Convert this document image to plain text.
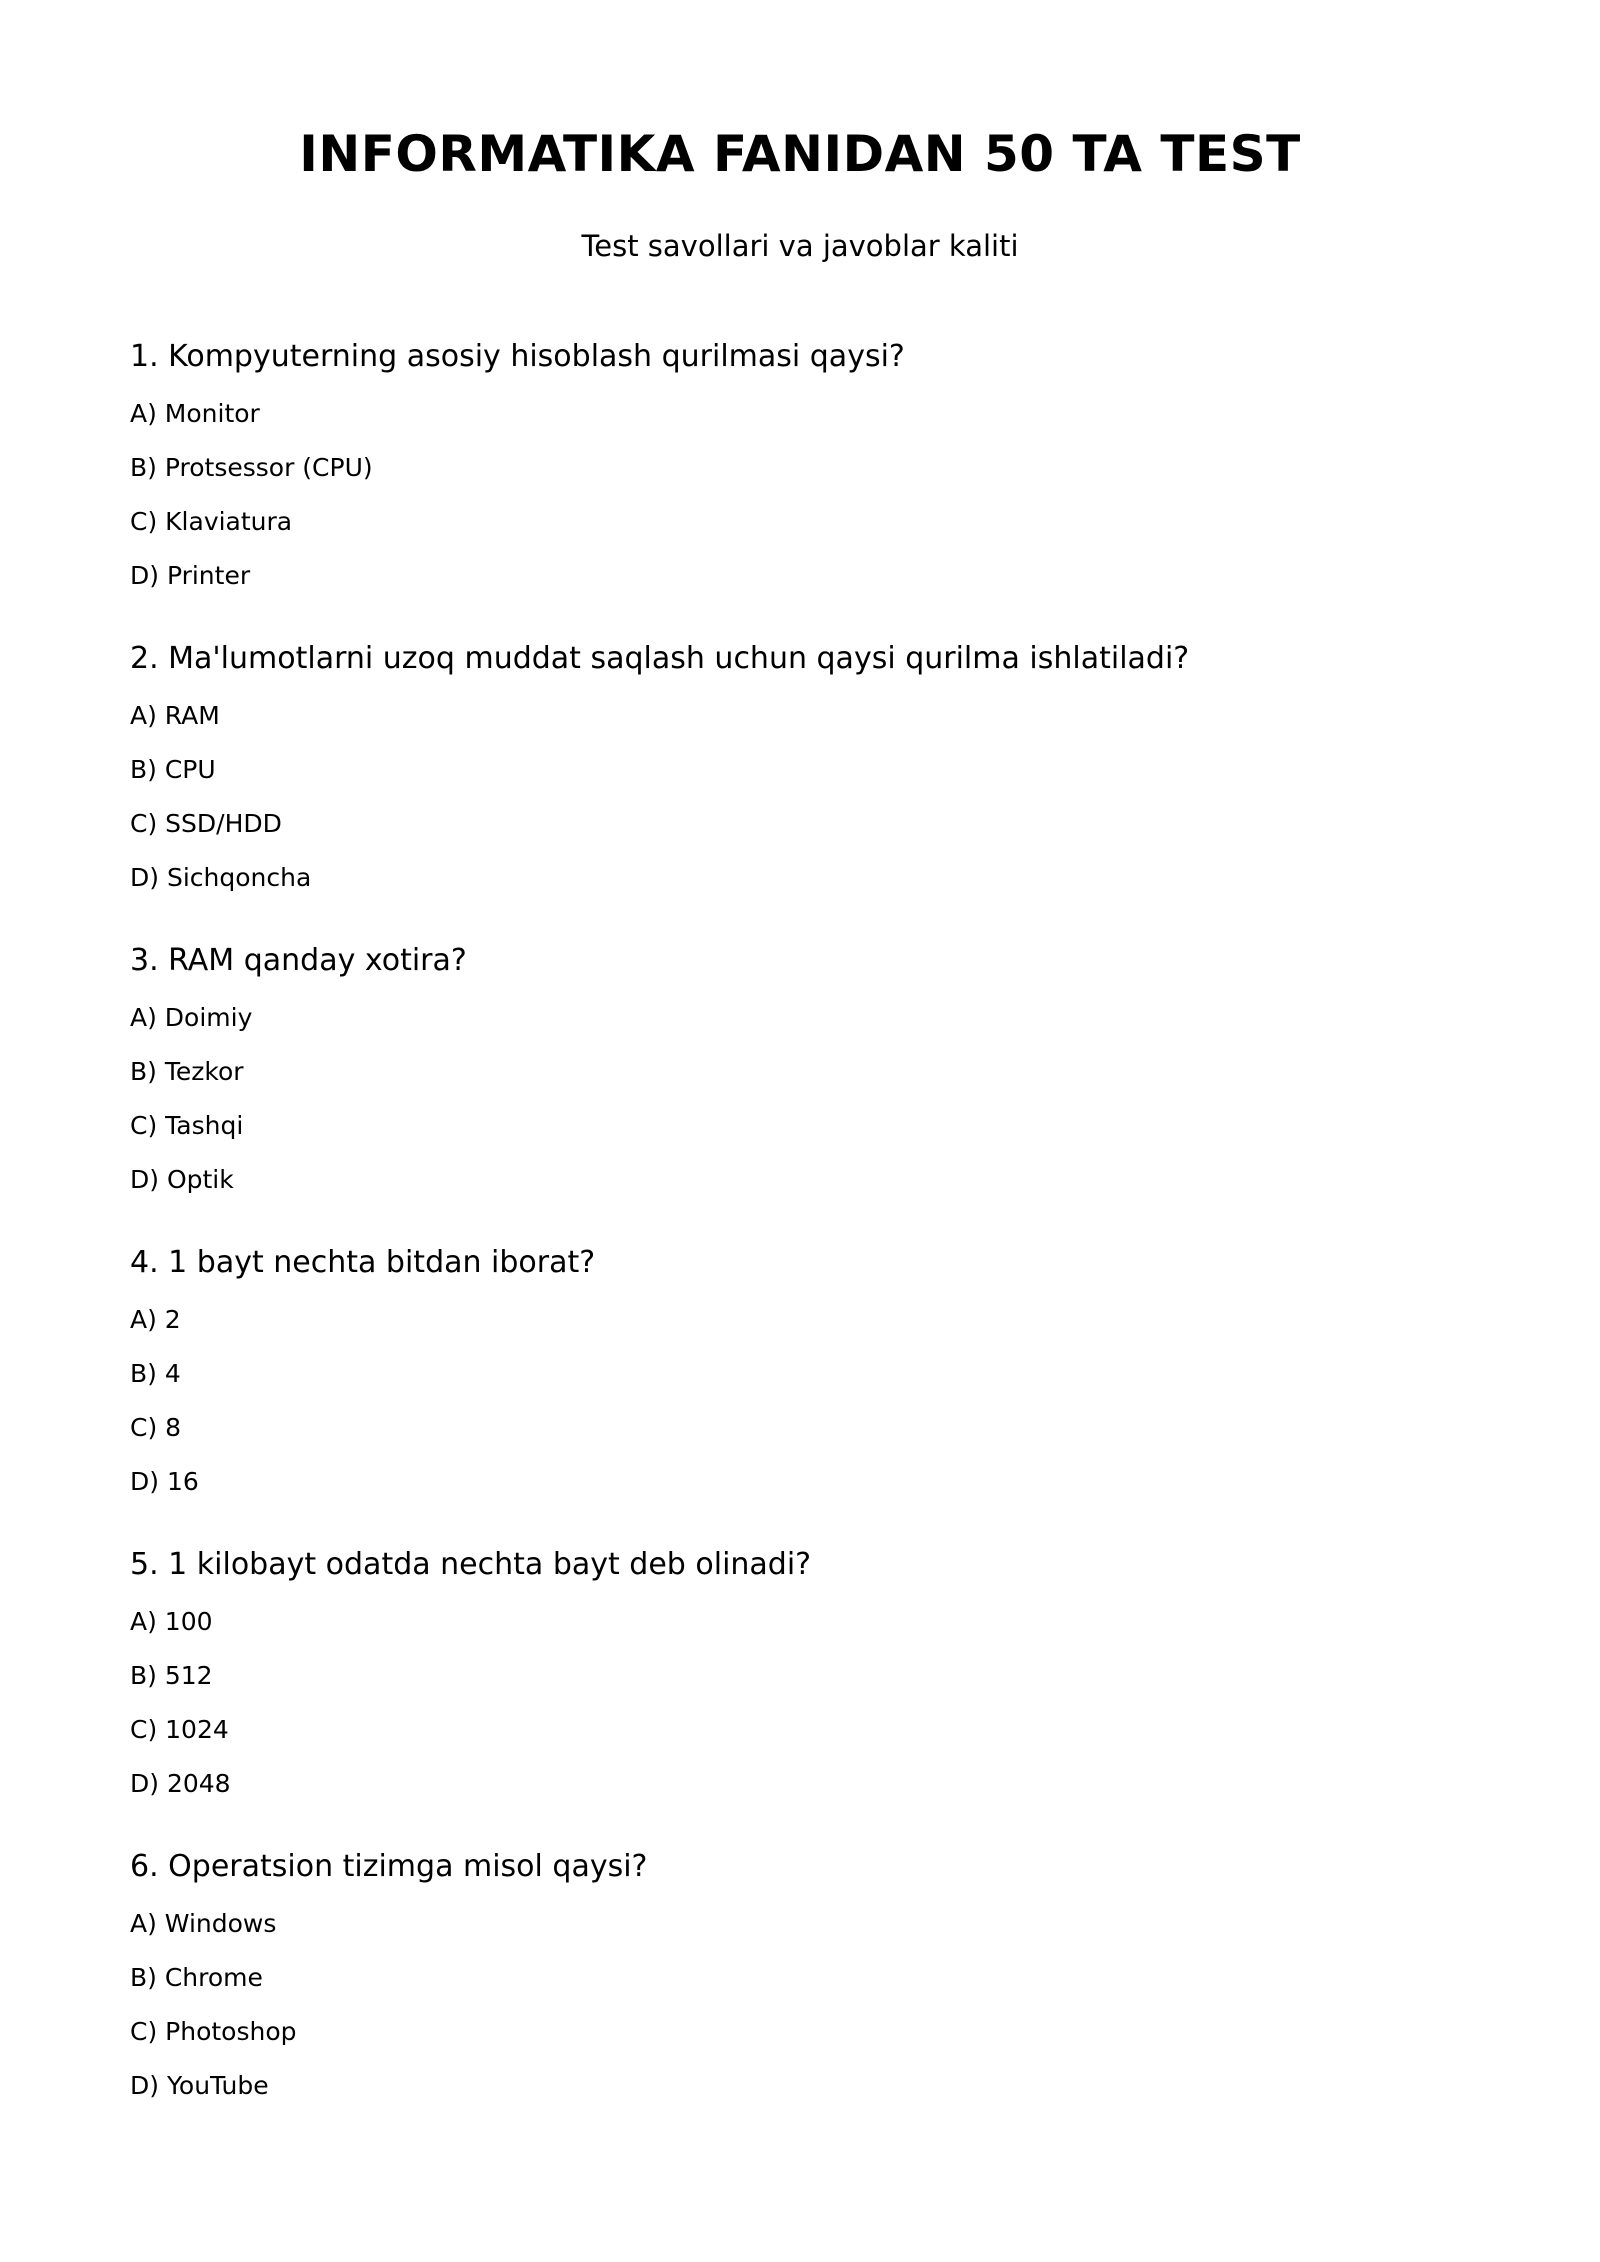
INFORMATIKA FANIDAN 50 TA TEST

Test savollari va javoblar kaliti

1. Kompyuterning asosiy hisoblash qurilmasi qaysi?

A) Monitor
B) Protsessor (CPU)
C) Klaviatura
D) Printer

2. Ma'lumotlarni uzoq muddat saqlash uchun qaysi qurilma ishlatiladi?

A) RAM
B) CPU
C) SSD/HDD
D) Sichqoncha

3. RAM qanday xotira?

A) Doimiy
B) Tezkor
C) Tashqi
D) Optik

4. 1 bayt nechta bitdan iborat?

A) 2
B) 4
C) 8
D) 16

5. 1 kilobayt odatda nechta bayt deb olinadi?

A) 100
B) 512
C) 1024
D) 2048

6. Operatsion tizimga misol qaysi?

A) Windows
B) Chrome
C) Photoshop
D) YouTube
